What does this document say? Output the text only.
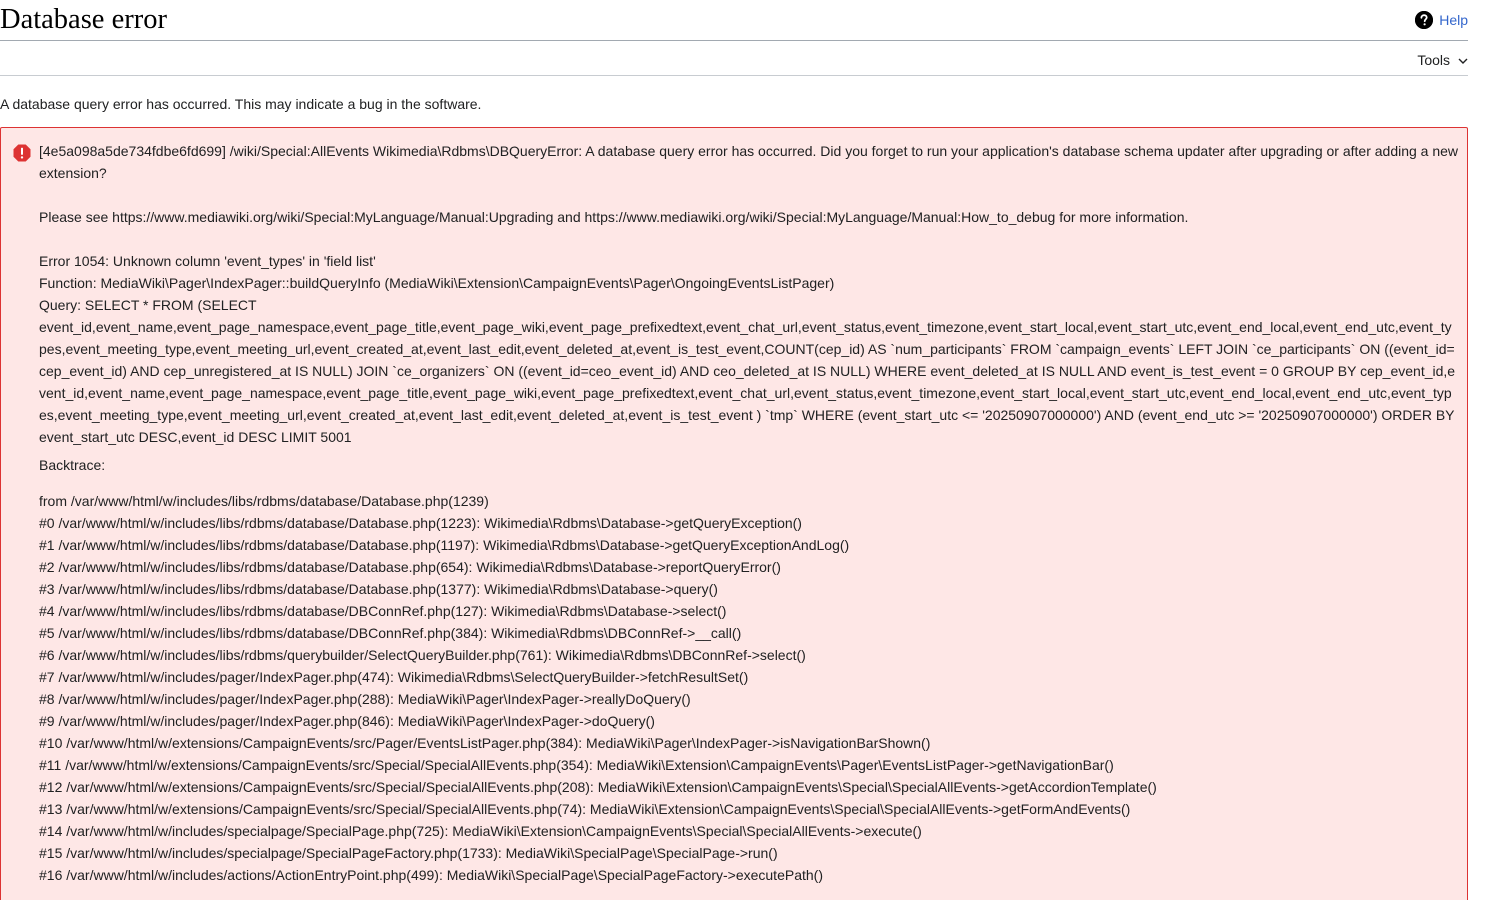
Database error	Help
Tools

A database query error has occurred. This may indicate a bug in the software.

[4e5a098a5de734fdbe6fd699] /wiki/Special:AllEvents Wikimedia\Rdbms\DBQueryError: A database query error has occurred. Did you forget to run your application's database schema updater after upgrading or after adding a new extension?

Please see https://www.mediawiki.org/wiki/Special:MyLanguage/Manual:Upgrading and https://www.mediawiki.org/wiki/Special:MyLanguage/Manual:How_to_debug for more information.

Error 1054: Unknown column 'event_types' in 'field list'

Function: MediaWiki\Pager\IndexPager::buildQueryInfo (MediaWiki\Extension\CampaignEvents\Pager\OngoingEventsListPager)

Query: SELECT * FROM (SELECT

event_id,event_name,event_page_namespace,event_page_title,event_page_wiki,event_page_prefixedtext,event_chat_url,event_status,event_timezone,event_start_local,event_start_utc,event_end_local,event_end_utc,event_types,event_meeting_type,event_meeting_url,event_created_at,event_last_edit,event_deleted_at,event_is_test_event,COUNT(cep_id) AS `num_participants` FROM `campaign_events` LEFT JOIN `ce_participants` ON ((event_id=cep_event_id) AND cep_unregistered_at IS NULL) JOIN `ce_organizers` ON ((event_id=ceo_event_id) AND ceo_deleted_at IS NULL) WHERE event_deleted_at IS NULL AND event_is_test_event = 0 GROUP BY cep_event_id,event_id,event_name,event_page_namespace,event_page_title,event_page_wiki,event_page_prefixedtext,event_chat_url,event_status,event_timezone,event_start_local,event_start_utc,event_end_local,event_end_utc,event_types,event_meeting_type,event_meeting_url,event_created_at,event_last_edit,event_deleted_at,event_is_test_event ) `tmp` WHERE (event_start_utc <= '20250907000000') AND (event_end_utc >= '20250907000000') ORDER BY event_start_utc DESC,event_id DESC LIMIT 5001

Backtrace:

from /var/www/html/w/includes/libs/rdbms/database/Database.php(1239)

#0 /var/www/html/w/includes/libs/rdbms/database/Database.php(1223): Wikimedia\Rdbms\Database->getQueryException()

#1 /var/www/html/w/includes/libs/rdbms/database/Database.php(1197): Wikimedia\Rdbms\Database->getQueryExceptionAndLog()

#2 /var/www/html/w/includes/libs/rdbms/database/Database.php(654): Wikimedia\Rdbms\Database->reportQueryError()

#3 /var/www/html/w/includes/libs/rdbms/database/Database.php(1377): Wikimedia\Rdbms\Database->query()

#4 /var/www/html/w/includes/libs/rdbms/database/DBConnRef.php(127): Wikimedia\Rdbms\Database->select()

#5 /var/www/html/w/includes/libs/rdbms/database/DBConnRef.php(384): Wikimedia\Rdbms\DBConnRef->__call()

#6 /var/www/html/w/includes/libs/rdbms/querybuilder/SelectQueryBuilder.php(761): Wikimedia\Rdbms\DBConnRef->select()

#7 /var/www/html/w/includes/pager/IndexPager.php(474): Wikimedia\Rdbms\SelectQueryBuilder->fetchResultSet()

#8 /var/www/html/w/includes/pager/IndexPager.php(288): MediaWiki\Pager\IndexPager->reallyDoQuery()

#9 /var/www/html/w/includes/pager/IndexPager.php(846): MediaWiki\Pager\IndexPager->doQuery()

#10 /var/www/html/w/extensions/CampaignEvents/src/Pager/EventsListPager.php(384): MediaWiki\Pager\IndexPager->isNavigationBarShown()

#11 /var/www/html/w/extensions/CampaignEvents/src/Special/SpecialAllEvents.php(354): MediaWiki\Extension\CampaignEvents\Pager\EventsListPager->getNavigationBar()

#12 /var/www/html/w/extensions/CampaignEvents/src/Special/SpecialAllEvents.php(208): MediaWiki\Extension\CampaignEvents\Special\SpecialAllEvents->getAccordionTemplate()

#13 /var/www/html/w/extensions/CampaignEvents/src/Special/SpecialAllEvents.php(74): MediaWiki\Extension\CampaignEvents\Special\SpecialAllEvents->getFormAndEvents()

#14 /var/www/html/w/includes/specialpage/SpecialPage.php(725): MediaWiki\Extension\CampaignEvents\Special\SpecialAllEvents->execute()

#15 /var/www/html/w/includes/specialpage/SpecialPageFactory.php(1733): MediaWiki\SpecialPage\SpecialPage->run()

#16 /var/www/html/w/includes/actions/ActionEntryPoint.php(499): MediaWiki\SpecialPage\SpecialPageFactory->executePath()
